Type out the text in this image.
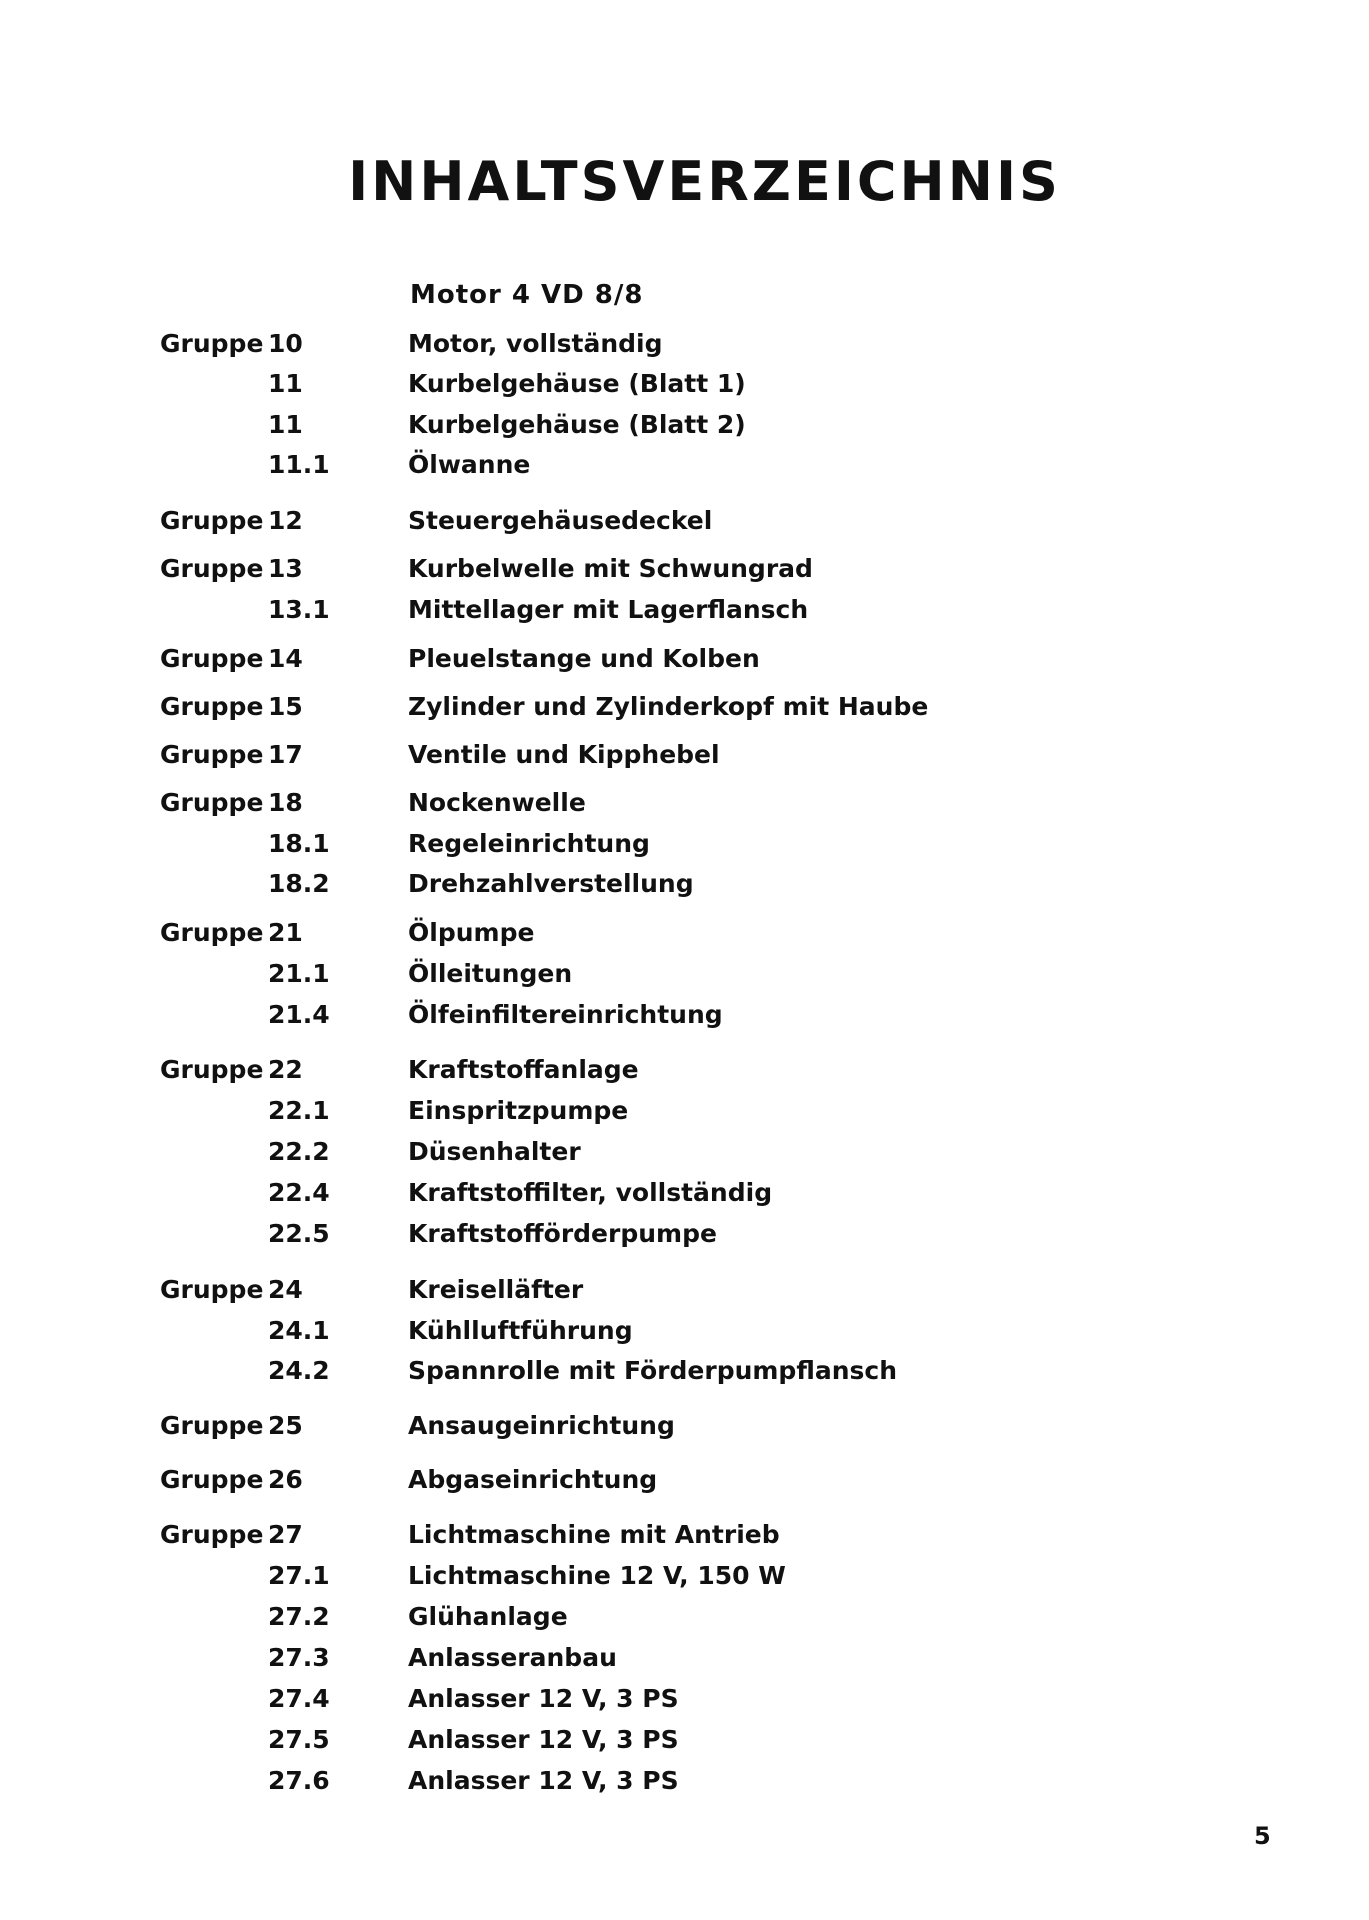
INHALTSVERZEICHNIS
Motor 4 VD 8/8
Gruppe 10	Motor, vollständig
11	Kurbelgehäuse (Blatt 1)
11	Kurbelgehäuse (Blatt 2)
11.1	Ölwanne
Gruppe 12	Steuergehäusedeckel
Gruppe 13	Kurbelwelle mit Schwungrad
13.1	Mittellager mit Lagerflansch
Gruppe 14	Pleuelstange und Kolben
Gruppe 15	Zylinder und Zylinderkopf mit Haube
Gruppe 17	Ventile und Kipphebel
Gruppe 18	Nockenwelle
18.1	Regeleinrichtung
18.2	Drehzahlverstellung
Gruppe 21	Ölpumpe
21.1	Ölleitungen
21.4	Ölfeinfiltereinrichtung
Gruppe 22	Kraftstoffanlage
22.1	Einspritzpumpe
22.2	Düsenhalter
22.4	Kraftstoffilter, vollständig
22.5	Kraftstofförderpumpe
Gruppe 24	Kreiselläfter
24.1	Kühlluftführung
24.2	Spannrolle mit Förderpumpflansch
Gruppe 25	Ansaugeinrichtung
Gruppe 26	Abgaseinrichtung
Gruppe 27	Lichtmaschine mit Antrieb
27.1	Lichtmaschine 12 V, 150 W
27.2	Glühanlage
27.3	Anlasseranbau
27.4	Anlasser 12 V, 3 PS
27.5	Anlasser 12 V, 3 PS
27.6	Anlasser 12 V, 3 PS
5
